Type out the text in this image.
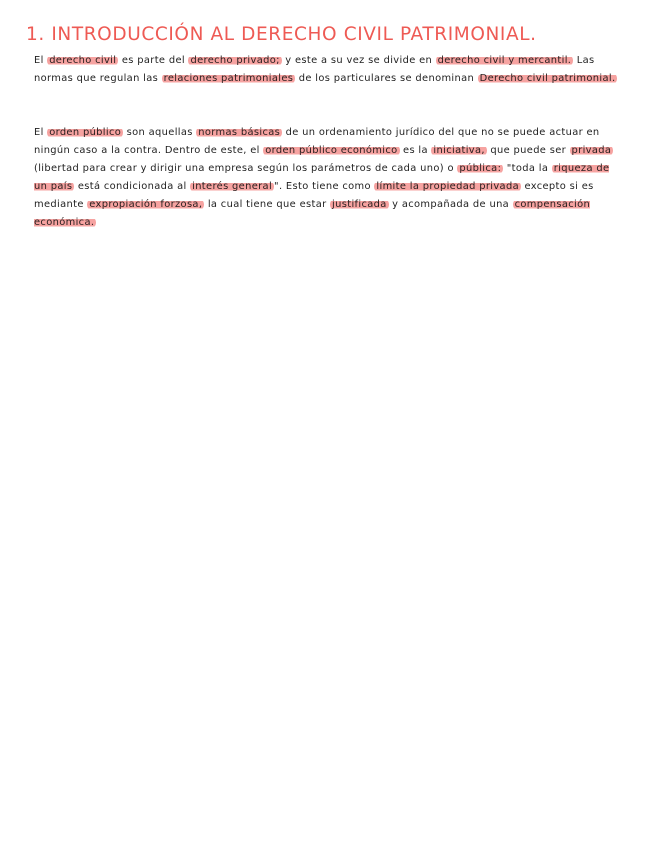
1. INTRODUCCIÓN AL DERECHO CIVIL PATRIMONIAL.

El derecho civil es parte del derecho privado; y este a su vez se divide en derecho civil y mercantil. Las normas que regulan las relaciones patrimoniales de los particulares se denominan Derecho civil patrimonial.

El orden público son aquellas normas básicas de un ordenamiento jurídico del que no se puede actuar en ningún caso a la contra. Dentro de este, el orden público económico es la iniciativa, que puede ser privada (libertad para crear y dirigir una empresa según los parámetros de cada uno) o pública: "toda la riqueza de un país está condicionada al interés general ". Esto tiene como límite la propiedad privada excepto si es mediante expropiación forzosa, la cual tiene que estar justificada y acompañada de una compensación económica.
